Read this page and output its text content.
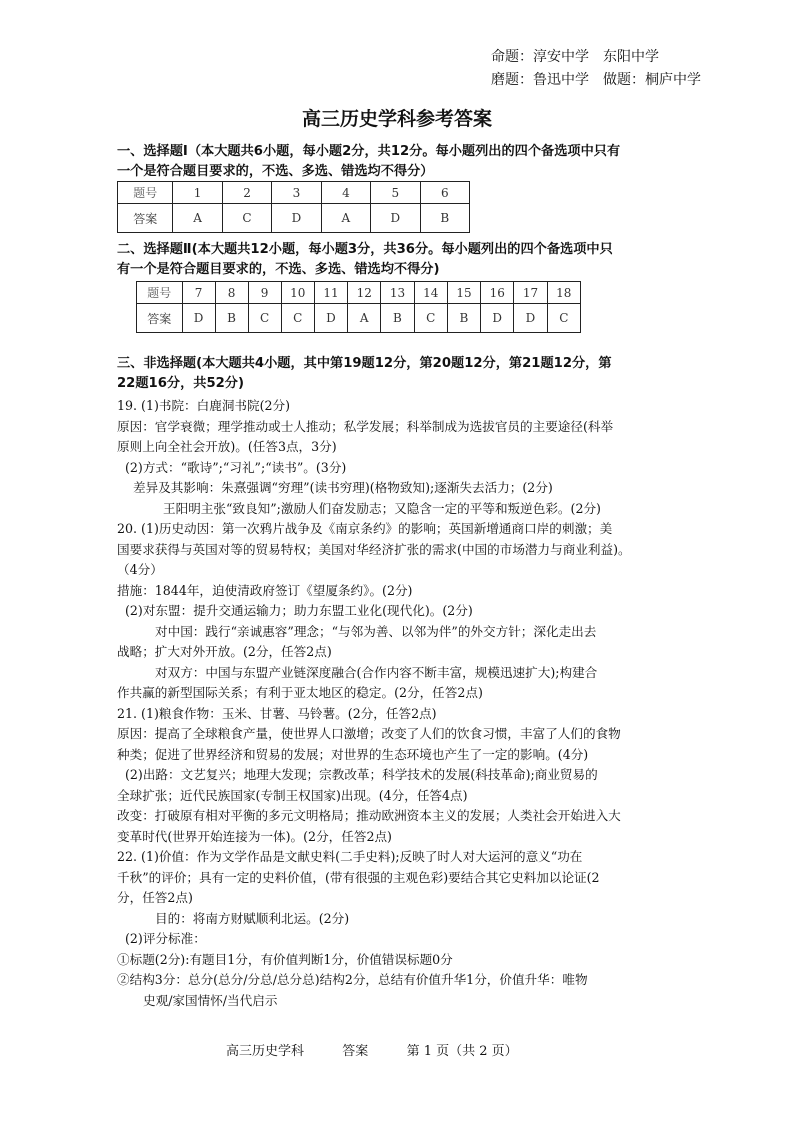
命题：淳安中学　东阳中学
磨题：鲁迅中学　做题：桐庐中学
高三历史学科参考答案
一、选择题I（本大题共6小题，每小题2分，共12分。每小题列出的四个备选项中只有
一个是符合题目要求的，不选、多选、错选均不得分）
题号	1	2	3	4	5	6
答案	A	C	D	A	D	B
二、选择题Ⅱ(本大题共12小题，每小题3分，共36分。每小题列出的四个备选项中只
有一个是符合题目要求的，不选、多选、错选均不得分)
题号	7	8	9	10	11	12	13	14	15	16	17	18
答案	D	B	C	C	D	A	B	C	B	D	D	C
三、非选择题(本大题共4小题，其中第19题12分，第20题12分，第21题12分，第
22题16分，共52分)

19. (1)书院：白鹿洞书院(2分)

原因：官学衰微；理学推动或士人推动；私学发展；科举制成为选拔官员的主要途径(科举

原则上向全社会开放)。(任答3点，3分)

(2)方式：“歌诗”;“习礼”;“读书”。(3分)

差异及其影响：朱熹强调“穷理”(读书穷理)(格物致知);逐渐失去活力；(2分)

王阳明主张“致良知”;激励人们奋发励志；又隐含一定的平等和叛逆色彩。(2分)

20. (1)历史动因：第一次鸦片战争及《南京条约》的影响；英国新增通商口岸的刺激；美

国要求获得与英国对等的贸易特权；美国对华经济扩张的需求(中国的市场潜力与商业利益)。

（4分）

措施：1844年，迫使清政府签订《望厦条约》。(2分)

(2)对东盟：提升交通运输力；助力东盟工业化(现代化)。(2分)

对中国：践行“亲诚惠容”理念；“与邻为善、以邻为伴”的外交方针；深化走出去

战略；扩大对外开放。(2分，任答2点)

对双方：中国与东盟产业链深度融合(合作内容不断丰富，规模迅速扩大);构建合

作共赢的新型国际关系；有利于亚太地区的稳定。(2分，任答2点)

21. (1)粮食作物：玉米、甘薯、马铃薯。(2分，任答2点)

原因：提高了全球粮食产量，使世界人口激增；改变了人们的饮食习惯，丰富了人们的食物

种类；促进了世界经济和贸易的发展；对世界的生态环境也产生了一定的影响。(4分)

(2)出路：文艺复兴；地理大发现；宗教改革；科学技术的发展(科技革命);商业贸易的

全球扩张；近代民族国家(专制王权国家)出现。(4分，任答4点)

改变：打破原有相对平衡的多元文明格局；推动欧洲资本主义的发展；人类社会开始进入大

变革时代(世界开始连接为一体)。(2分，任答2点)

22. (1)价值：作为文学作品是文献史料(二手史料);反映了时人对大运河的意义“功在

千秋”的评价；具有一定的史料价值，(带有很强的主观色彩)要结合其它史料加以论证(2

分，任答2点)

目的：将南方财赋顺利北运。(2分)

(2)评分标准：

①标题(2分):有题目1分，有价值判断1分，价值错误标题0分

②结构3分：总分(总分/分总/总分总)结构2分，总结有价值升华1分，价值升华：唯物

史观/家国情怀/当代启示

高三历史学科	答案	第 1 页（共 2 页）
